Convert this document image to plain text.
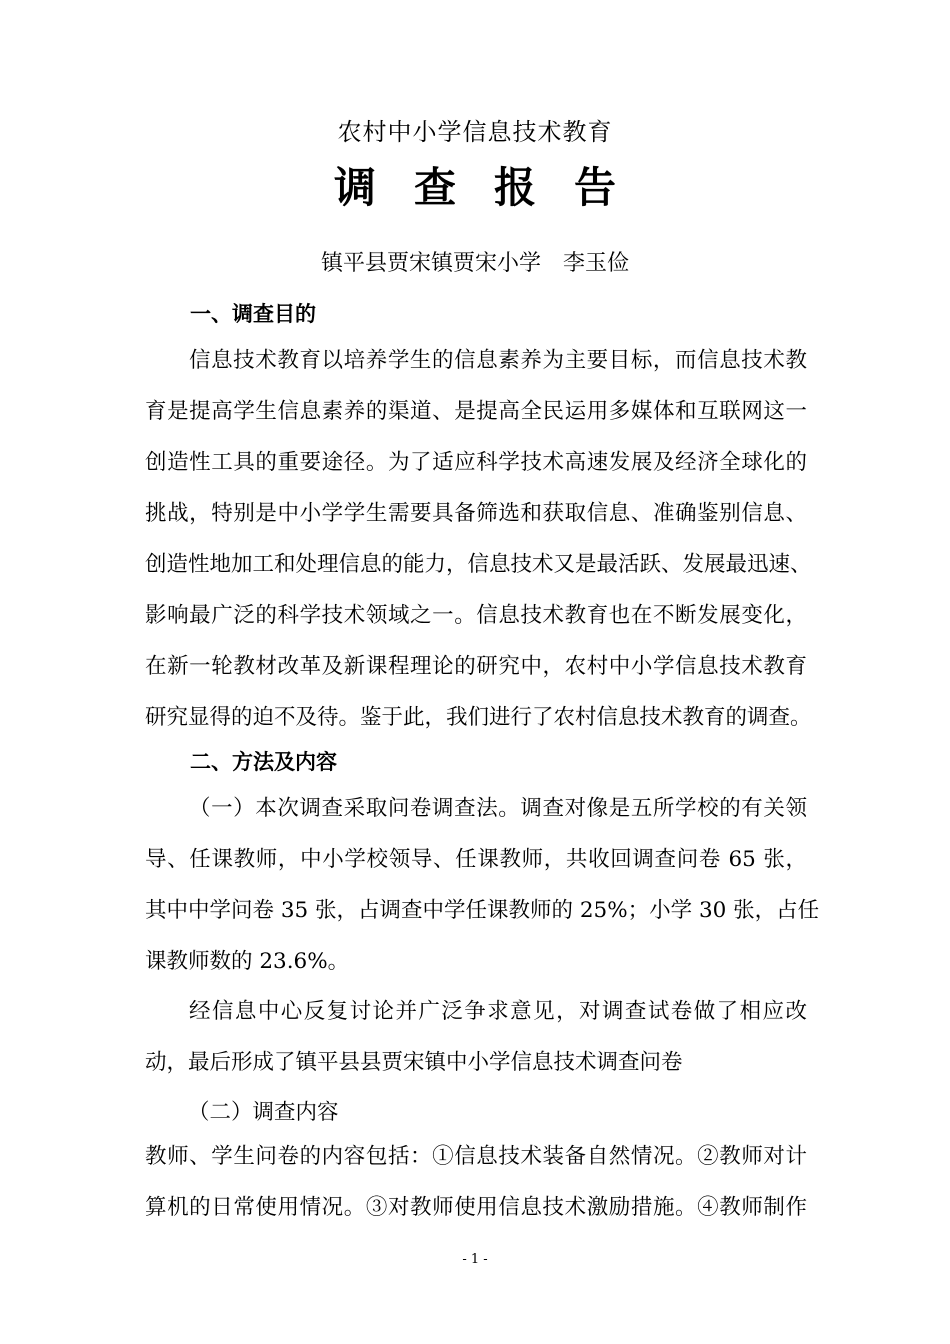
农村中小学信息技术教育
调查报告
镇平县贾宋镇贾宋小学　李玉俭
一、调查目的
信息技术教育以培养学生的信息素养为主要目标，而信息技术教
育是提高学生信息素养的渠道、是提高全民运用多媒体和互联网这一
创造性工具的重要途径。为了适应科学技术高速发展及经济全球化的
挑战，特别是中小学学生需要具备筛选和获取信息、准确鉴别信息、
创造性地加工和处理信息的能力，信息技术又是最活跃、发展最迅速、
影响最广泛的科学技术领域之一。信息技术教育也在不断发展变化，
在新一轮教材改革及新课程理论的研究中，农村中小学信息技术教育
研究显得的迫不及待。鉴于此，我们进行了农村信息技术教育的调查。
二、方法及内容
（一）本次调查采取问卷调查法。调查对像是五所学校的有关领
导、任课教师，中小学校领导、任课教师，共收回调查问卷 65 张，
其中中学问卷 35 张，占调查中学任课教师的 25%；小学 30 张，占任
课教师数的 23.6%。
经信息中心反复讨论并广泛争求意见，对调查试卷做了相应改
动，最后形成了镇平县县贾宋镇中小学信息技术调查问卷
（二）调查内容
教师、学生问卷的内容包括：①信息技术装备自然情况。②教师对计
算机的日常使用情况。③对教师使用信息技术激励措施。④教师制作
- 1 -
